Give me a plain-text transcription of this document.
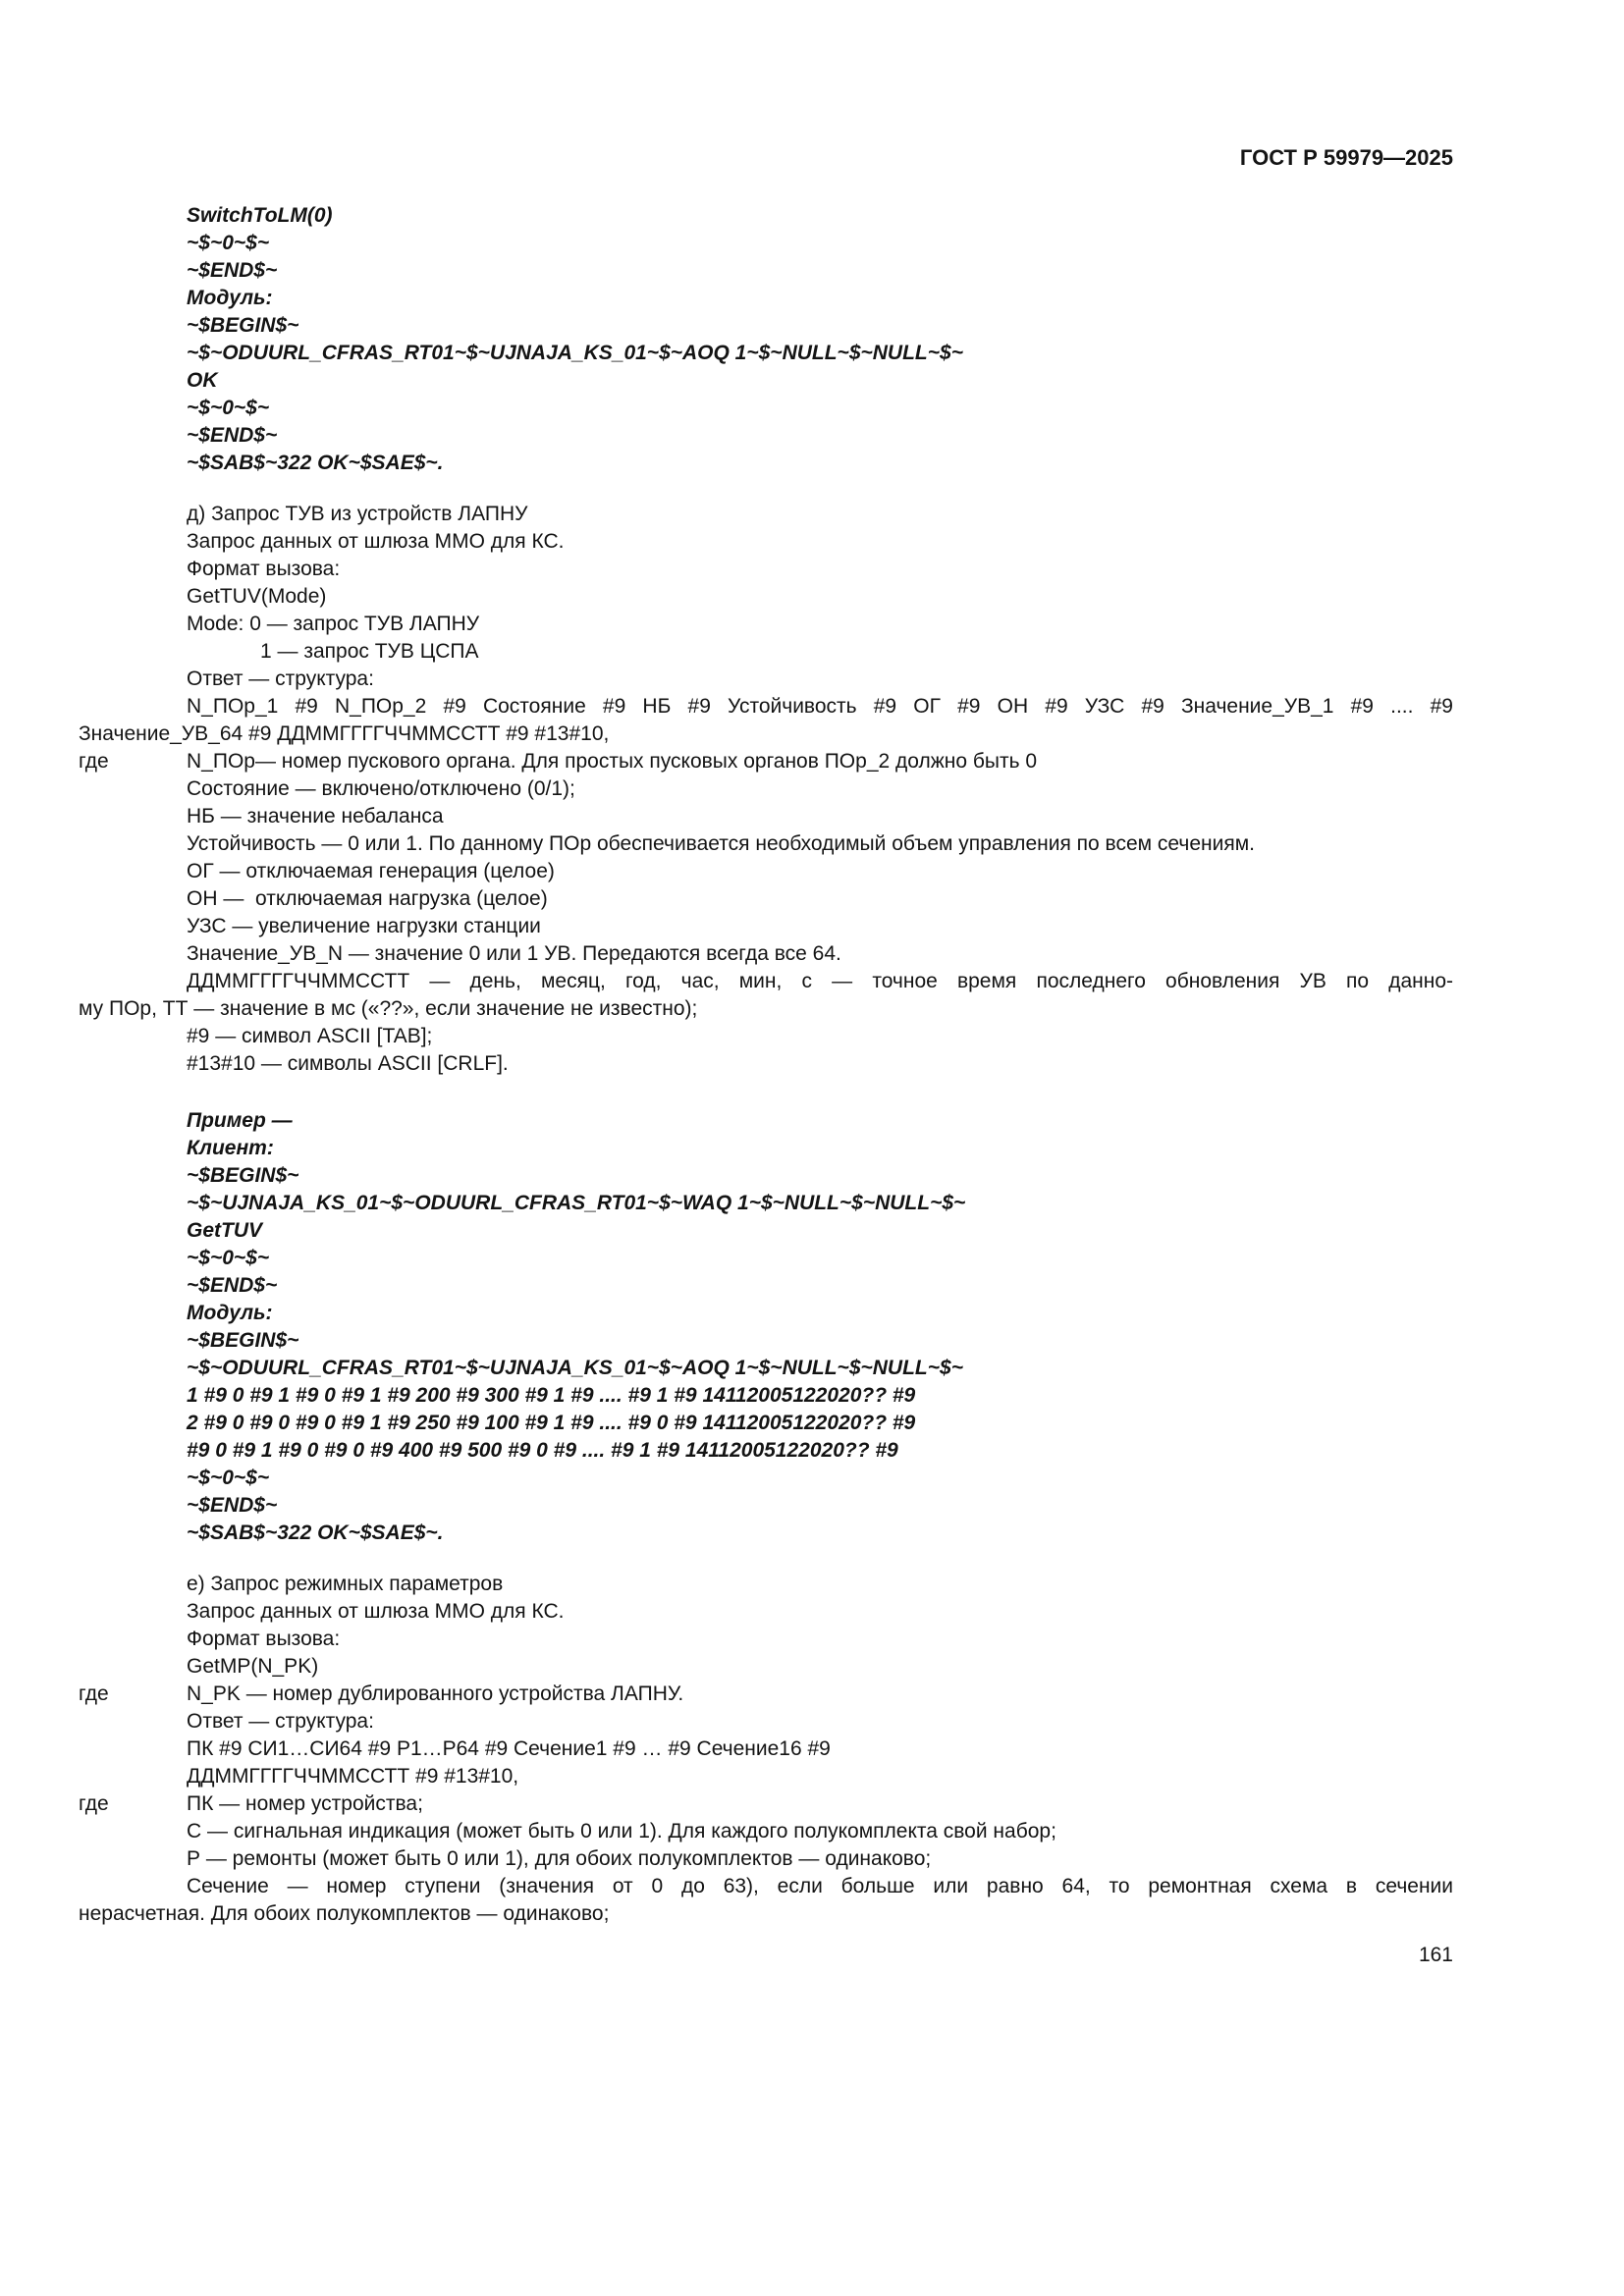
ГОСТ Р 59979—2025
SwitchToLM(0)
~$~0~$~
~$END$~
Модуль:
~$BEGIN$~
~$~ODUURL_CFRAS_RT01~$~UJNAJA_KS_01~$~AOQ 1~$~NULL~$~NULL~$~
OK
~$~0~$~
~$END$~
~$SAB$~322 OK~$SAE$~.
д) Запрос ТУВ из устройств ЛАПНУ
Запрос данных от шлюза ММО для КС.
Формат вызова:
GetTUV(Mode)
Mode: 0 — запрос ТУВ ЛАПНУ
1 — запрос ТУВ ЦСПА
Ответ — структура:
N_ПОр_1 #9 N_ПОр_2 #9 Состояние #9 НБ #9 Устойчивость #9 ОГ #9 ОН #9 УЗС #9 Значение_УВ_1 #9 .... #9
Значение_УВ_64 #9 ДДММГГГГЧЧММССТТ #9 #13#10,
где	N_ПОр— номер пускового органа. Для простых пусковых органов ПОр_2 должно быть 0
Состояние — включено/отключено (0/1);
НБ — значение небаланса
Устойчивость — 0 или 1. По данному ПОр обеспечивается необходимый объем управления по всем сечениям.
ОГ — отключаемая генерация (целое)
ОН —  отключаемая нагрузка (целое)
УЗС — увеличение нагрузки станции
Значение_УВ_N — значение 0 или 1 УВ. Передаются всегда все 64.
ДДММГГГГЧЧММССТТ — день, месяц, год, час, мин, с — точное время последнего обновления УВ по данно-
му ПОр, ТТ — значение в мс («??», если значение не известно);
#9 — символ ASCII [TAB];
#13#10 — символы ASCII [CRLF].
Пример —
Клиент:
~$BEGIN$~
~$~UJNAJA_KS_01~$~ODUURL_CFRAS_RT01~$~WAQ 1~$~NULL~$~NULL~$~
GetTUV
~$~0~$~
~$END$~
Модуль:
~$BEGIN$~
~$~ODUURL_CFRAS_RT01~$~UJNAJA_KS_01~$~AOQ 1~$~NULL~$~NULL~$~
1 #9 0 #9 1 #9 0 #9 1 #9 200 #9 300 #9 1 #9 .... #9 1 #9 14112005122020?? #9
2 #9 0 #9 0 #9 0 #9 1 #9 250 #9 100 #9 1 #9 .... #9 0 #9 14112005122020?? #9
#9 0 #9 1 #9 0 #9 0 #9 400 #9 500 #9 0 #9 .... #9 1 #9 14112005122020?? #9
~$~0~$~
~$END$~
~$SAB$~322 OK~$SAE$~.
е) Запрос режимных параметров
Запрос данных от шлюза ММО для КС.
Формат вызова:
GetMP(N_PK)
где	N_PK — номер дублированного устройства ЛАПНУ.
Ответ — структура:
ПК #9 СИ1…СИ64 #9 Р1…Р64 #9 Сечение1 #9 … #9 Сечение16 #9
ДДММГГГГЧЧММССТТ #9 #13#10,
где	ПК — номер устройства;
С — сигнальная индикация (может быть 0 или 1). Для каждого полукомплекта свой набор;
Р — ремонты (может быть 0 или 1), для обоих полукомплектов — одинаково;
Сечение — номер ступени (значения от 0 до 63), если больше или равно 64, то ремонтная схема в сечении
нерасчетная. Для обоих полукомплектов — одинаково;
161
